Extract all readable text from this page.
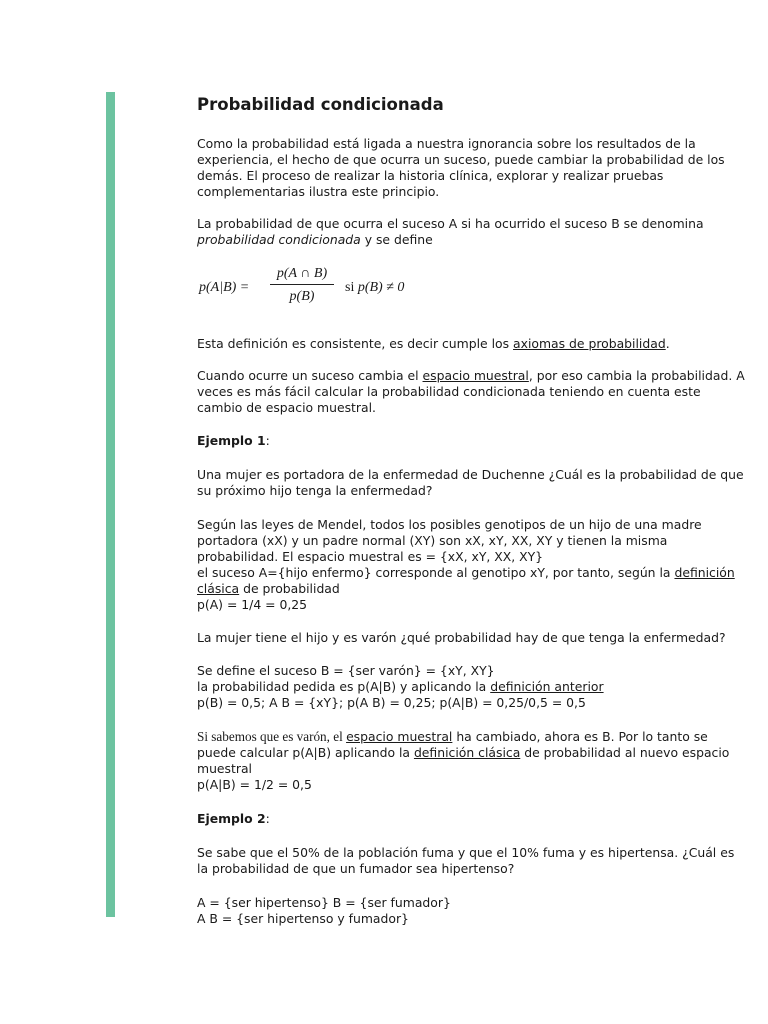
Probabilidad condicionada

Como la probabilidad está ligada a nuestra ignorancia sobre los resultados de la experiencia, el hecho de que ocurra un suceso, puede cambiar la probabilidad de los demás. El proceso de realizar la historia clínica, explorar y realizar pruebas complementarias ilustra este principio.

La probabilidad de que ocurra el suceso A si ha ocurrido el suceso B se denomina probabilidad condicionada y se define

p(A|B) =	$\frac{p(A \cap B)}{p(B)}$ si p(B) ≠ 0

Esta definición es consistente, es decir cumple los axiomas de probabilidad.

Cuando ocurre un suceso cambia el espacio muestral, por eso cambia la probabilidad. A veces es más fácil calcular la probabilidad condicionada teniendo en cuenta este cambio de espacio muestral.

Ejemplo 1:

Una mujer es portadora de la enfermedad de Duchenne ¿Cuál es la probabilidad de que su próximo hijo tenga la enfermedad?

Según las leyes de Mendel, todos los posibles genotipos de un hijo de una madre portadora (xX) y un padre normal (XY) son xX, xY, XX, XY y tienen la misma probabilidad. El espacio muestral es = {xX, xY, XX, XY}
el suceso A={hijo enfermo} corresponde al genotipo xY, por tanto, según la definición clásica de probabilidad
p(A) = 1/4 = 0,25

La mujer tiene el hijo y es varón ¿qué probabilidad hay de que tenga la enfermedad?

Se define el suceso B = {ser varón} = {xY, XY}
la probabilidad pedida es p(A|B) y aplicando la definición anterior
p(B) = 0,5; A B = {xY}; p(A B) = 0,25; p(A|B) = 0,25/0,5 = 0,5

Si sabemos que es varón, el espacio muestral ha cambiado, ahora es B. Por lo tanto se puede calcular p(A|B) aplicando la definición clásica de probabilidad al nuevo espacio muestral
p(A|B) = 1/2 = 0,5

Ejemplo 2:

Se sabe que el 50% de la población fuma y que el 10% fuma y es hipertensa. ¿Cuál es la probabilidad de que un fumador sea hipertenso?

A = {ser hipertenso} B = {ser fumador}
A B = {ser hipertenso y fumador}
